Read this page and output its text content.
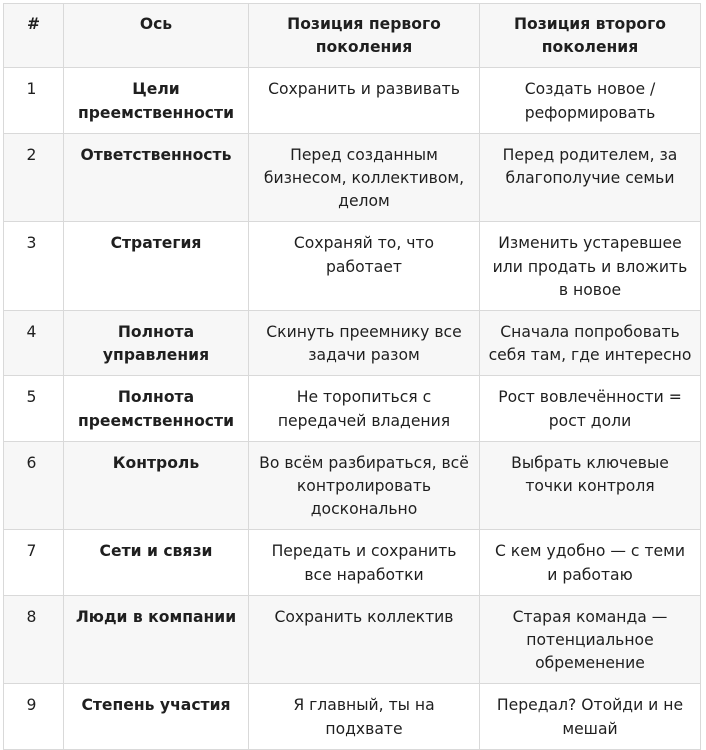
#	Ось	Позиция первого поколения	Позиция второго поколения
1	Цели преемственности	Сохранить и развивать	Создать новое / реформировать
2	Ответственность	Перед созданным бизнесом, коллективом, делом	Перед родителем, за благополучие семьи
3	Стратегия	Сохраняй то, что работает	Изменить устаревшее или продать и вложить в новое
4	Полнота управления	Скинуть преемнику все задачи разом	Сначала попробовать себя там, где интересно
5	Полнота преемственности	Не торопиться с передачей владения	Рост вовлечённости = рост доли
6	Контроль	Во всём разбираться, всё контролировать досконально	Выбрать ключевые точки контроля
7	Сети и связи	Передать и сохранить все наработки	С кем удобно — с теми и работаю
8	Люди в компании	Сохранить коллектив	Старая команда — потенциальное обременение
9	Степень участия	Я главный, ты на подхвате	Передал? Отойди и не мешай
